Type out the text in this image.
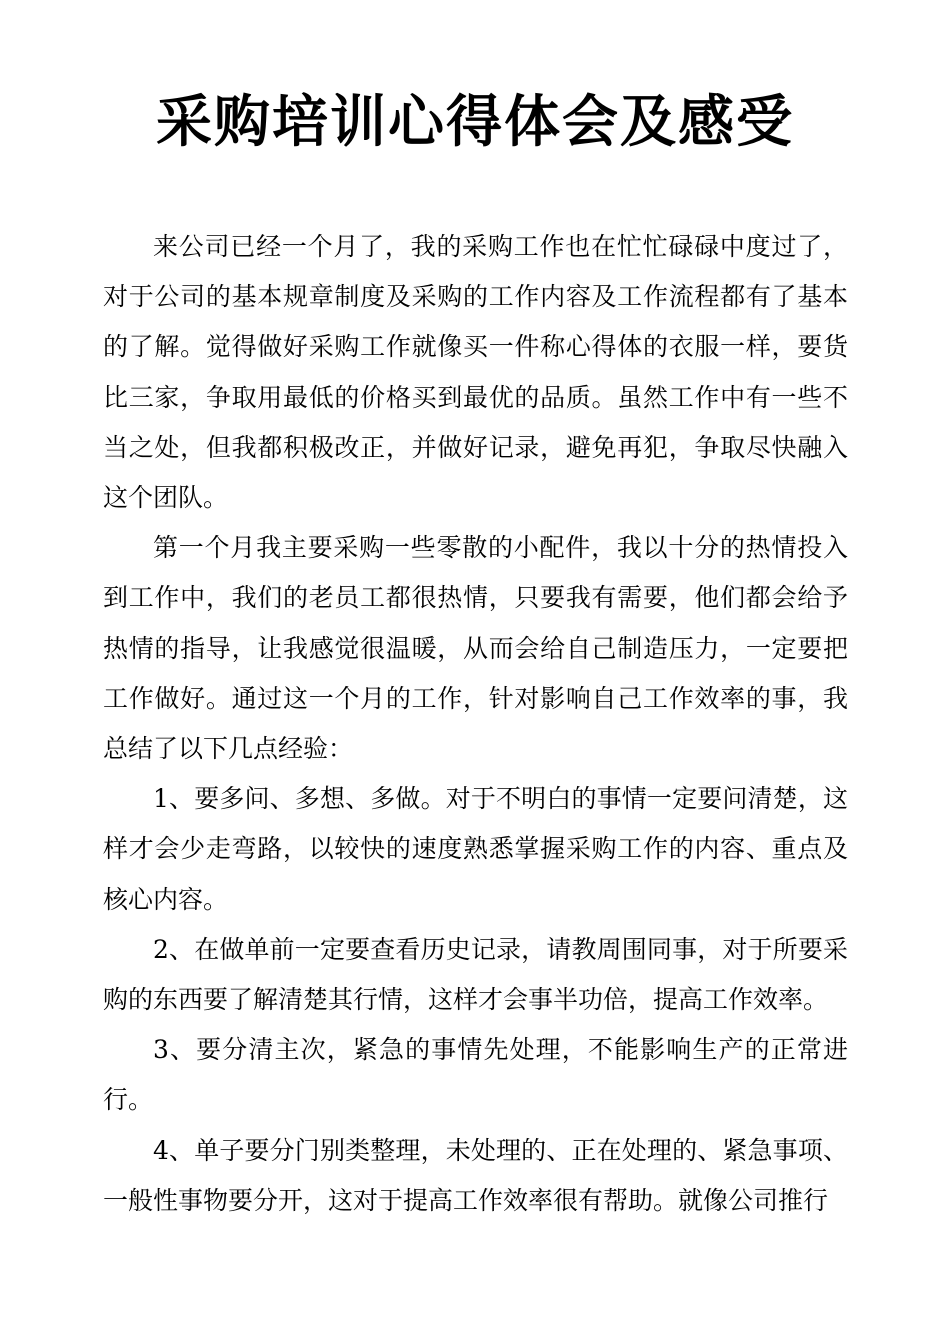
采购培训心得体会及感受

来公司已经一个月了，我的采购工作也在忙忙碌碌中度过了，对于公司的基本规章制度及采购的工作内容及工作流程都有了基本的了解。觉得做好采购工作就像买一件称心得体的衣服一样，要货比三家，争取用最低的价格买到最优的品质。虽然工作中有一些不当之处，但我都积极改正，并做好记录，避免再犯，争取尽快融入这个团队。

第一个月我主要采购一些零散的小配件，我以十分的热情投入到工作中，我们的老员工都很热情，只要我有需要，他们都会给予热情的指导，让我感觉很温暖，从而会给自己制造压力，一定要把工作做好。通过这一个月的工作，针对影响自己工作效率的事，我总结了以下几点经验：

1、要多问、多想、多做。对于不明白的事情一定要问清楚，这样才会少走弯路，以较快的速度熟悉掌握采购工作的内容、重点及核心内容。

2、在做单前一定要查看历史记录，请教周围同事，对于所要采购的东西要了解清楚其行情，这样才会事半功倍，提高工作效率。

3、要分清主次，紧急的事情先处理，不能影响生产的正常进行。

4、单子要分门别类整理，未处理的、正在处理的、紧急事项、一般性事物要分开，这对于提高工作效率很有帮助。就像公司推行
